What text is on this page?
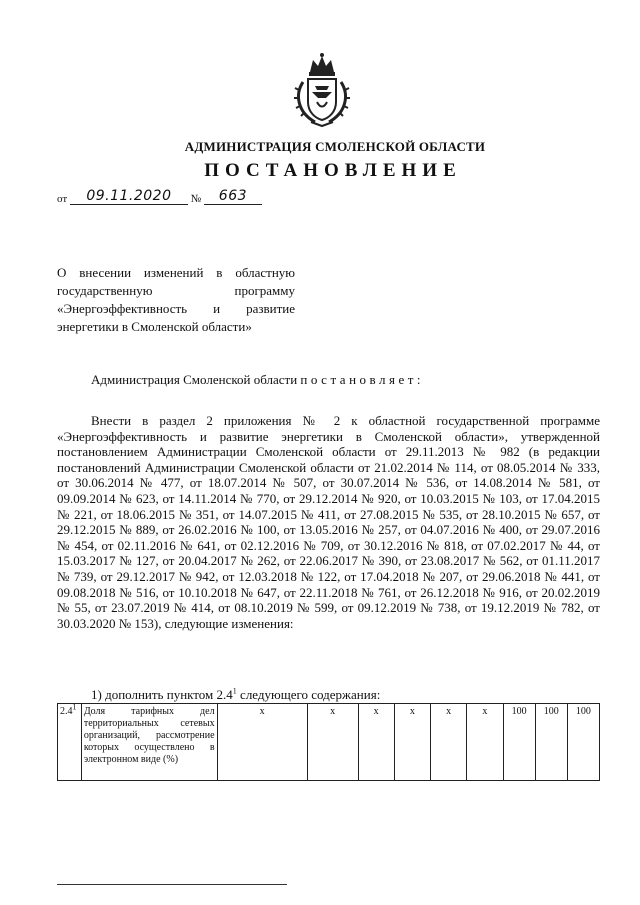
АДМИНИСТРАЦИЯ СМОЛЕНСКОЙ ОБЛАСТИ
ПОСТАНОВЛЕНИЕ
от 09.11.2020 № 663
О внесении изменений в областную государственную программу «Энергоэффективность и развитие энергетики в Смоленской области»
Администрация Смоленской области постановляет:
Внести в раздел 2 приложения № 2 к областной государственной программе «Энергоэффективность и развитие энергетики в Смоленской области», утвержденной постановлением Администрации Смоленской области от 29.11.2013 № 982 (в редакции постановлений Администрации Смоленской области от 21.02.2014 № 114, от 08.05.2014 № 333, от 30.06.2014 № 477, от 18.07.2014 № 507, от 30.07.2014 № 536, от 14.08.2014 № 581, от 09.09.2014 № 623, от 14.11.2014 № 770, от 29.12.2014 № 920, от 10.03.2015 № 103, от 17.04.2015 № 221, от 18.06.2015 № 351, от 14.07.2015 № 411, от 27.08.2015 № 535, от 28.10.2015 № 657, от 29.12.2015 № 889, от 26.02.2016 № 100, от 13.05.2016 № 257, от 04.07.2016 № 400, от 29.07.2016 № 454, от 02.11.2016 № 641, от 02.12.2016 № 709, от 30.12.2016 № 818, от 07.02.2017 № 44, от 15.03.2017 № 127, от 20.04.2017 № 262, от 22.06.2017 № 390, от 23.08.2017 № 562, от 01.11.2017 № 739, от 29.12.2017 № 942, от 12.03.2018 № 122, от 17.04.2018 № 207, от 29.06.2018 № 441, от 09.08.2018 № 516, от 10.10.2018 № 647, от 22.11.2018 № 761, от 26.12.2018 № 916, от 20.02.2019 № 55, от 23.07.2019 № 414, от 08.10.2019 № 599, от 09.12.2019 № 738, от 19.12.2019 № 782, от 30.03.2020 № 153), следующие изменения:
1) дополнить пунктом $2.4^1$ следующего содержания:
$2.4^1$	Доля тарифных дел территориальных сетевых организаций, рассмотрение которых осуществлено в электронном виде (%)	х	х	х	х	х	х	100	100	100
